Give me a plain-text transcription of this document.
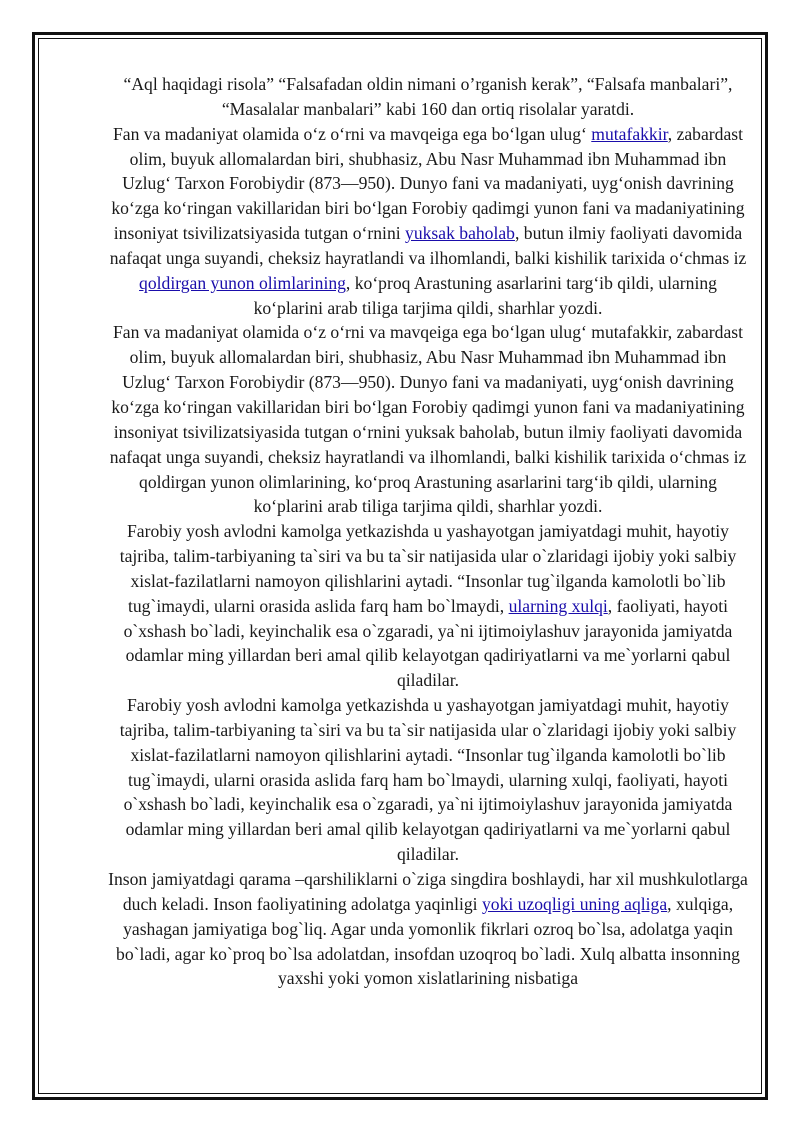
“Aql haqidagi risola” “Falsafadan oldin nimani o’rganish kerak”, “Falsafa manbalari”, “Masalalar manbalari” kabi 160 dan ortiq risolalar yaratdi.

Fan va madaniyat olamida oʻz oʻrni va mavqeiga ega boʻlgan ulugʻ mutafakkir, zabardast olim, buyuk allomalardan biri, shubhasiz, Abu Nasr Muhammad ibn Muhammad ibn Uzlugʻ Tarxon Forobiydir (873—950). Dunyo fani va madaniyati, uygʻonish davrining koʻzga koʻringan vakillaridan biri boʻlgan Forobiy qadimgi yunon fani va madaniyatining insoniyat tsivilizatsiyasida tutgan oʻrnini yuksak baholab, butun ilmiy faoliyati davomida nafaqat unga suyandi, cheksiz hayratlandi va ilhomlandi, balki kishilik tarixida oʻchmas iz qoldirgan yunon olimlarining, koʻproq Arastuning asarlarini targʻib qildi, ularning koʻplarini arab tiliga tarjima qildi, sharhlar yozdi.

Fan va madaniyat olamida oʻz oʻrni va mavqeiga ega boʻlgan ulugʻ mutafakkir, zabardast olim, buyuk allomalardan biri, shubhasiz, Abu Nasr Muhammad ibn Muhammad ibn Uzlugʻ Tarxon Forobiydir (873—950). Dunyo fani va madaniyati, uygʻonish davrining koʻzga koʻringan vakillaridan biri boʻlgan Forobiy qadimgi yunon fani va madaniyatining insoniyat tsivilizatsiyasida tutgan oʻrnini yuksak baholab, butun ilmiy faoliyati davomida nafaqat unga suyandi, cheksiz hayratlandi va ilhomlandi, balki kishilik tarixida oʻchmas iz qoldirgan yunon olimlarining, koʻproq Arastuning asarlarini targʻib qildi, ularning koʻplarini arab tiliga tarjima qildi, sharhlar yozdi.

Farobiy yosh avlodni kamolga yetkazishda u yashayotgan jamiyatdagi muhit, hayotiy tajriba, talim-tarbiyaning ta`siri va bu ta`sir natijasida ular o`zlaridagi ijobiy yoki salbiy xislat-fazilatlarni namoyon qilishlarini aytadi. “Insonlar tug`ilganda kamolotli bo`lib tug`imaydi, ularni orasida aslida farq ham bo`lmaydi, ularning xulqi, faoliyati, hayoti o`xshash bo`ladi, keyinchalik esa o`zgaradi, ya`ni ijtimoiylashuv jarayonida jamiyatda odamlar ming yillardan beri amal qilib kelayotgan qadiriyatlarni va me`yorlarni qabul qiladilar.

Farobiy yosh avlodni kamolga yetkazishda u yashayotgan jamiyatdagi muhit, hayotiy tajriba, talim-tarbiyaning ta`siri va bu ta`sir natijasida ular o`zlaridagi ijobiy yoki salbiy xislat-fazilatlarni namoyon qilishlarini aytadi. “Insonlar tug`ilganda kamolotli bo`lib tug`imaydi, ularni orasida aslida farq ham bo`lmaydi, ularning xulqi, faoliyati, hayoti o`xshash bo`ladi, keyinchalik esa o`zgaradi, ya`ni ijtimoiylashuv jarayonida jamiyatda odamlar ming yillardan beri amal qilib kelayotgan qadiriyatlarni va me`yorlarni qabul qiladilar.

Inson jamiyatdagi qarama –qarshiliklarni o`ziga singdira boshlaydi, har xil mushkulotlarga duch keladi. Inson faoliyatining adolatga yaqinligi yoki uzoqligi uning aqliga, xulqiga, yashagan jamiyatiga bog`liq. Agar unda yomonlik fikrlari ozroq bo`lsa, adolatga yaqin bo`ladi, agar ko`proq bo`lsa adolatdan, insofdan uzoqroq bo`ladi. Xulq albatta insonning yaxshi yoki yomon xislatlarining nisbatiga
